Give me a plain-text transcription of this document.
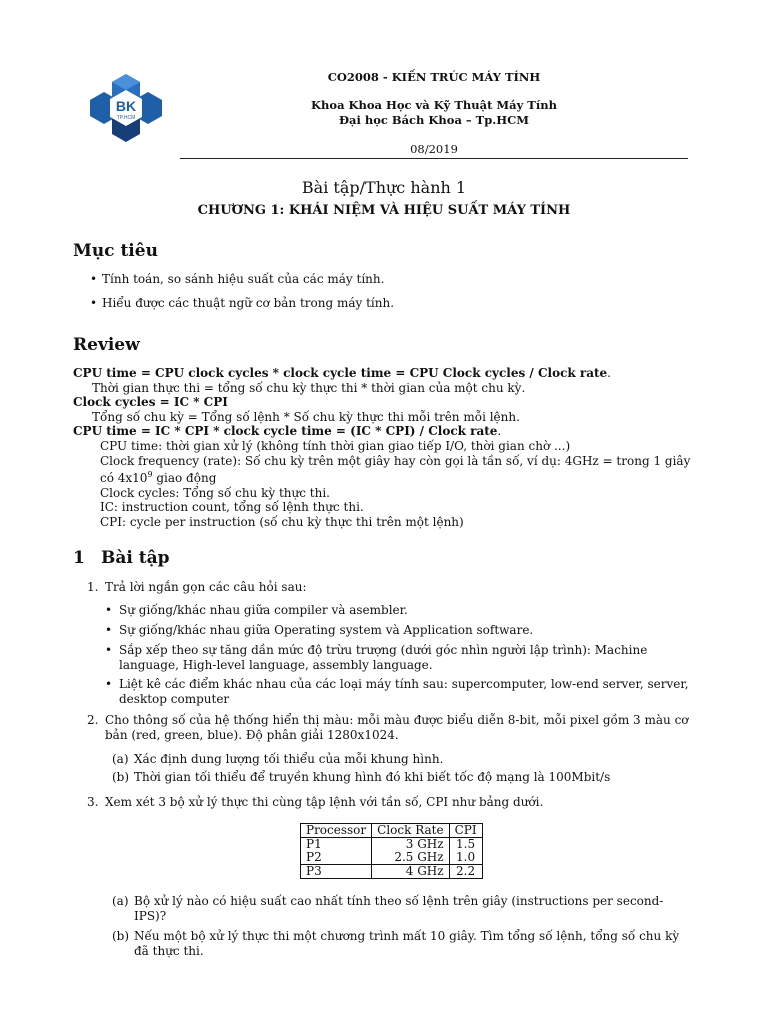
BK
TP.HCM
CO2008 - KIẾN TRÚC MÁY TÍNH
Khoa Khoa Học và Kỹ Thuật Máy Tính
Đại học Bách Khoa – Tp.HCM
08/2019
Bài tập/Thực hành 1
CHƯƠNG 1: KHÁI NIỆM VÀ HIỆU SUẤT MÁY TÍNH
Mục tiêu
• Tính toán, so sánh hiệu suất của các máy tính.
• Hiểu được các thuật ngữ cơ bản trong máy tính.
Review
CPU time = CPU clock cycles * clock cycle time = CPU Clock cycles / Clock rate.
Thời gian thực thi = tổng số chu kỳ thực thi * thời gian của một chu kỳ.
Clock cycles = IC * CPI
Tổng số chu kỳ = Tổng số lệnh * Số chu kỳ thực thi mỗi trên mỗi lệnh.
CPU time = IC * CPI * clock cycle time = (IC * CPI) / Clock rate.
CPU time: thời gian xử lý (không tính thời gian giao tiếp I/O, thời gian chờ ...)
Clock frequency (rate): Số chu kỳ trên một giây hay còn gọi là tần số, ví dụ: 4GHz = trong 1 giây có $4x10^9$ giao động
Clock cycles: Tổng số chu kỳ thực thi.
IC: instruction count, tổng số lệnh thực thi.
CPI: cycle per instruction (số chu kỳ thực thi trên một lệnh)
1 Bài tập
1. Trả lời ngắn gọn các câu hỏi sau:
• Sự giống/khác nhau giữa compiler và asembler.
• Sự giống/khác nhau giữa Operating system và Application software.
• Sắp xếp theo sự tăng dần mức độ trừu trượng (dưới góc nhìn người lập trình): Machine language, High-level language, assembly language.
• Liệt kê các điểm khác nhau của các loại máy tính sau: supercomputer, low-end server, server, desktop computer
2. Cho thông số của hệ thống hiển thị màu: mỗi màu được biểu diễn 8-bit, mỗi pixel gồm 3 màu cơ bản (red, green, blue). Độ phân giải 1280x1024.
(a) Xác định dung lượng tối thiểu của mỗi khung hình.
(b) Thời gian tối thiểu để truyền khung hình đó khi biết tốc độ mạng là 100Mbit/s
3. Xem xét 3 bộ xử lý thực thi cùng tập lệnh với tần số, CPI như bảng dưới.
Processor	Clock Rate	CPI
P1	3 GHz	1.5
P2	2.5 GHz	1.0
P3	4 GHz	2.2
(a) Bộ xử lý nào có hiệu suất cao nhất tính theo số lệnh trên giây (instructions per second- IPS)?
(b) Nếu một bộ xử lý thực thi một chương trình mất 10 giây. Tìm tổng số lệnh, tổng số chu kỳ đã thực thi.
